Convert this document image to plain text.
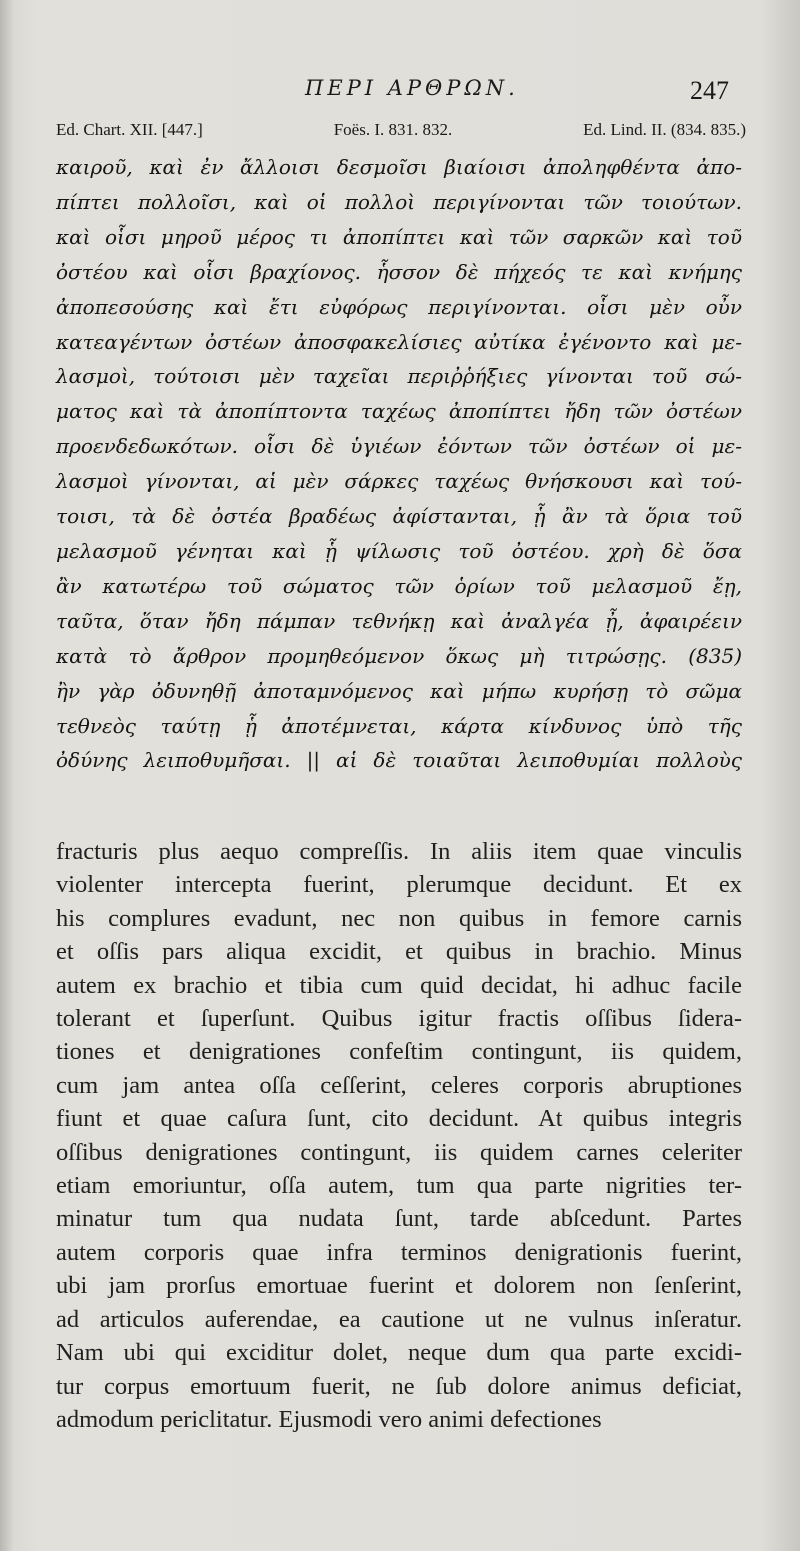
ΠΕΡΙ ΑΡΘΡΩΝ.	247
Ed. Chart. XII. [447.]	Foës. I. 831. 832.	Ed. Lind. II. (834. 835.)
καιροῦ, καὶ ἐν ἄλλοισι δεσμοῖσι βιαίοισι ἀποληφθέντα ἀπο-
πίπτει πολλοῖσι, καὶ οἱ πολλοὶ περιγίνονται τῶν τοιούτων.
καὶ οἷσι μηροῦ μέρος τι ἀποπίπτει καὶ τῶν σαρκῶν καὶ τοῦ
ὀστέου καὶ οἷσι βραχίονος. ἧσσον δὲ πήχεός τε καὶ κνήμης
ἀποπεσούσης καὶ ἔτι εὐφόρως περιγίνονται. οἷσι μὲν οὖν
κατεαγέντων ὀστέων ἀποσφακελίσιες αὐτίκα ἐγένοντο καὶ με-
λασμοὶ, τούτοισι μὲν ταχεῖαι περιῤῥήξιες γίνονται τοῦ σώ-
ματος καὶ τὰ ἀποπίπτοντα ταχέως ἀποπίπτει ἤδη τῶν ὀστέων
προενδεδωκότων. οἷσι δὲ ὑγιέων ἐόντων τῶν ὀστέων οἱ με-
λασμοὶ γίνονται, αἱ μὲν σάρκες ταχέως θνήσκουσι καὶ τού-
τοισι, τὰ δὲ ὀστέα βραδέως ἀφίστανται, ᾗ ἂν τὰ ὅρια τοῦ
μελασμοῦ γένηται καὶ ᾗ ψίλωσις τοῦ ὀστέου. χρὴ δὲ ὅσα
ἂν κατωτέρω τοῦ σώματος τῶν ὁρίων τοῦ μελασμοῦ ἔῃ,
ταῦτα, ὅταν ἤδη πάμπαν τεθνήκῃ καὶ ἀναλγέα ᾖ, ἀφαιρέειν
κατὰ τὸ ἄρθρον προμηθεόμενον ὅκως μὴ τιτρώσῃς. (835)
ἢν γὰρ ὀδυνηθῇ ἀποταμνόμενος καὶ μήπω κυρήσῃ τὸ σῶμα
τεθνεὸς ταύτῃ ᾗ ἀποτέμνεται, κάρτα κίνδυνος ὑπὸ τῆς
ὀδύνης λειποθυμῆσαι. || αἱ δὲ τοιαῦται λειποθυμίαι πολλοὺς
fracturis plus aequo compreſſis. In aliis item quae vinculis
violenter intercepta fuerint, plerumque decidunt. Et ex
his complures evadunt, nec non quibus in femore carnis
et oſſis pars aliqua excidit, et quibus in brachio. Minus
autem ex brachio et tibia cum quid decidat, hi adhuc facile
tolerant et ſuperſunt. Quibus igitur fractis oſſibus ſidera-
tiones et denigrationes confeſtim contingunt, iis quidem,
cum jam antea oſſa ceſſerint, celeres corporis abruptiones
fiunt et quae caſura ſunt, cito decidunt. At quibus integris
oſſibus denigrationes contingunt, iis quidem carnes celeriter
etiam emoriuntur, oſſa autem, tum qua parte nigrities ter-
minatur tum qua nudata ſunt, tarde abſcedunt. Partes
autem corporis quae infra terminos denigrationis fuerint,
ubi jam prorſus emortuae fuerint et dolorem non ſenſerint,
ad articulos auferendae, ea cautione ut ne vulnus inſeratur.
Nam ubi qui exciditur dolet, neque dum qua parte excidi-
tur corpus emortuum fuerit, ne ſub dolore animus deficiat,
admodum periclitatur. Ejusmodi vero animi defectiones
